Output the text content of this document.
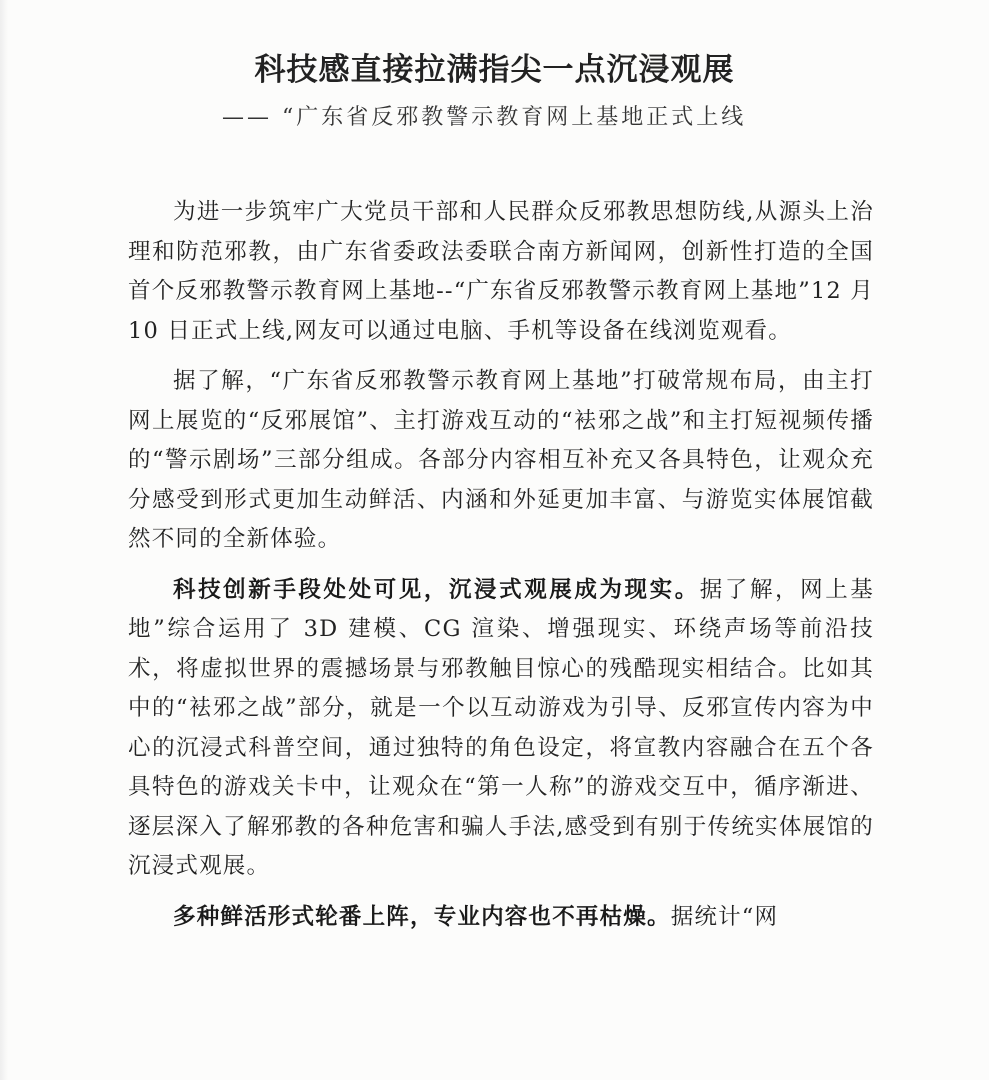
科技感直接拉满指尖一点沉浸观展

—— “广东省反邪教警示教育网上基地正式上线

为进一步筑牢广大党员干部和人民群众反邪教思想防线,从源头上治理和防范邪教，由广东省委政法委联合南方新闻网，创新性打造的全国首个反邪教警示教育网上基地--“广东省反邪教警示教育网上基地”12 月 10 日正式上线,网友可以通过电脑、手机等设备在线浏览观看。

据了解，“广东省反邪教警示教育网上基地”打破常规布局，由主打网上展览的“反邪展馆”、主打游戏互动的“袪邪之战”和主打短视频传播的“警示剧场”三部分组成。各部分内容相互补充又各具特色，让观众充分感受到形式更加生动鲜活、内涵和外延更加丰富、与游览实体展馆截然不同的全新体验。

科技创新手段处处可见，沉浸式观展成为现实。据了解，网上基地”综合运用了 3D 建模、CG 渲染、增强现实、环绕声场等前沿技术，将虚拟世界的震撼场景与邪教触目惊心的残酷现实相结合。比如其中的“袪邪之战”部分，就是一个以互动游戏为引导、反邪宣传内容为中心的沉浸式科普空间，通过独特的角色设定，将宣教内容融合在五个各具特色的游戏关卡中，让观众在“第一人称”的游戏交互中，循序渐进、逐层深入了解邪教的各种危害和骗人手法,感受到有别于传统实体展馆的沉浸式观展。

多种鲜活形式轮番上阵，专业内容也不再枯燥。据统计“网
